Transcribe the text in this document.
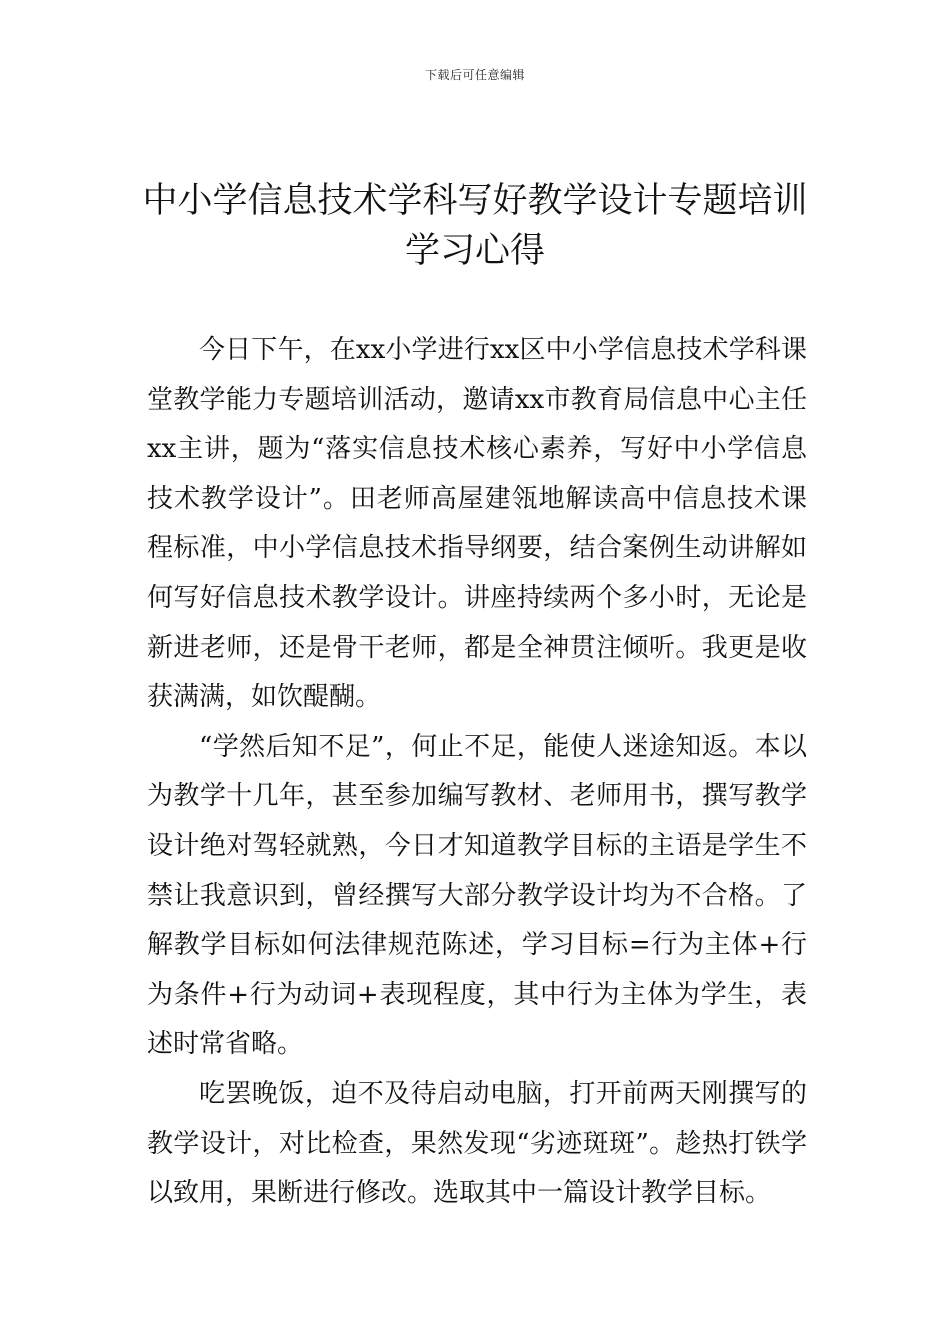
下载后可任意编辑
中小学信息技术学科写好教学设计专题培训学习心得

今日下午，在xx小学进行xx区中小学信息技术学科课堂教学能力专题培训活动，邀请xx市教育局信息中心主任xx主讲，题为“落实信息技术核心素养，写好中小学信息技术教学设计”。田老师高屋建瓴地解读高中信息技术课程标准，中小学信息技术指导纲要，结合案例生动讲解如何写好信息技术教学设计。讲座持续两个多小时，无论是新进老师，还是骨干老师，都是全神贯注倾听。我更是收获满满，如饮醍醐。

“学然后知不足”，何止不足，能使人迷途知返。本以为教学十几年，甚至参加编写教材、老师用书，撰写教学设计绝对驾轻就熟，今日才知道教学目标的主语是学生不禁让我意识到，曾经撰写大部分教学设计均为不合格。了解教学目标如何法律规范陈述，学习目标=行为主体+行为条件+行为动词+表现程度，其中行为主体为学生，表述时常省略。

吃罢晚饭，迫不及待启动电脑，打开前两天刚撰写的教学设计，对比检查，果然发现“劣迹斑斑”。趁热打铁学以致用，果断进行修改。选取其中一篇设计教学目标。
